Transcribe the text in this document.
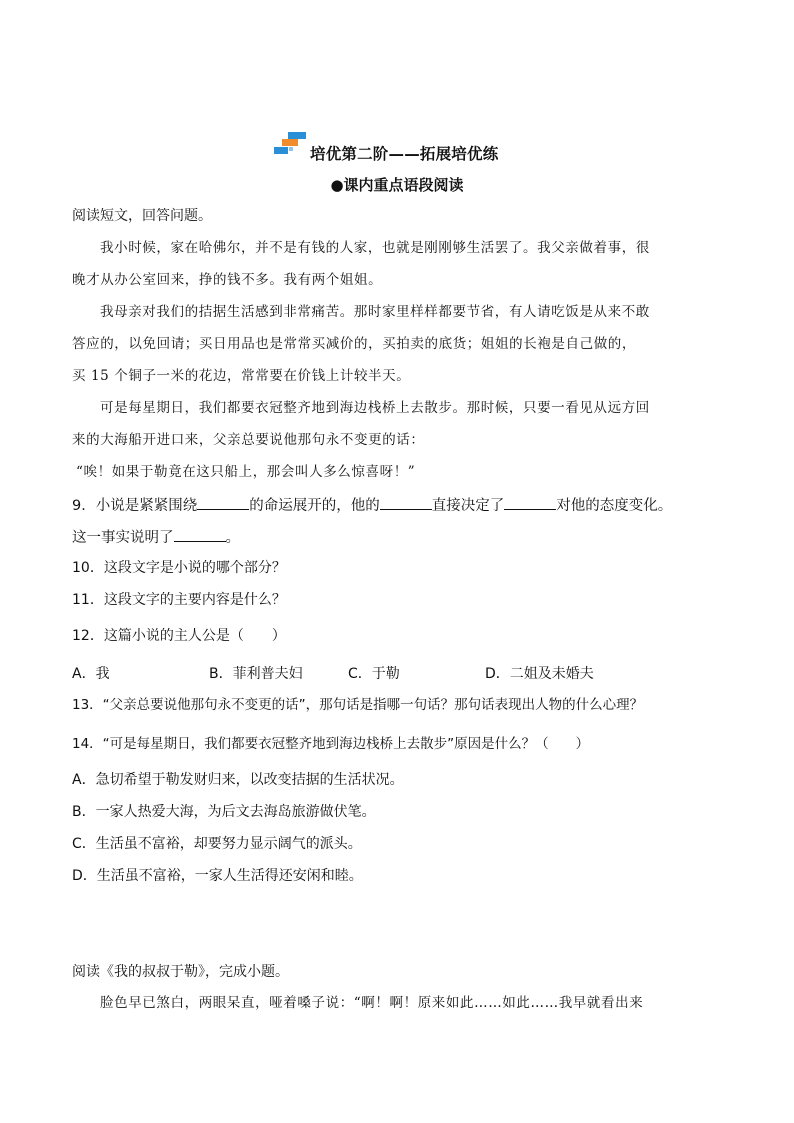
培优第二阶——拓展培优练
●课内重点语段阅读
阅读短文，回答问题。
我小时候，家在哈佛尔，并不是有钱的人家，也就是刚刚够生活罢了。我父亲做着事，很
晚才从办公室回来，挣的钱不多。我有两个姐姐。
我母亲对我们的拮据生活感到非常痛苦。那时家里样样都要节省，有人请吃饭是从来不敢
答应的，以免回请；买日用品也是常常买减价的，买拍卖的底货；姐姐的长袍是自己做的，
买 15 个铜子一米的花边，常常要在价钱上计较半天。
可是每星期日，我们都要衣冠整齐地到海边栈桥上去散步。那时候，只要一看见从远方回
来的大海船开进口来，父亲总要说他那句永不变更的话：
“唉！如果于勒竟在这只船上，那会叫人多么惊喜呀！”
9．小说是紧紧围绕	的命运展开的，他的	直接决定了	对他的态度变化。
这一事实说明了	。
10．这段文字是小说的哪个部分？
11．这段文字的主要内容是什么？
12．这篇小说的主人公是（　　）
A．我	B．菲利普夫妇	C．于勒	D．二姐及未婚夫
13．“父亲总要说他那句永不变更的话”，那句话是指哪一句话？那句话表现出人物的什么心理？
14．“可是每星期日，我们都要衣冠整齐地到海边栈桥上去散步”原因是什么？（　　）
A．急切希望于勒发财归来，以改变拮据的生活状况。
B．一家人热爱大海，为后文去海岛旅游做伏笔。
C．生活虽不富裕，却要努力显示阔气的派头。
D．生活虽不富裕，一家人生活得还安闲和睦。
阅读《我的叔叔于勒》，完成小题。
脸色早已煞白，两眼呆直，哑着嗓子说：“啊！啊！原来如此……如此……我早就看出来
